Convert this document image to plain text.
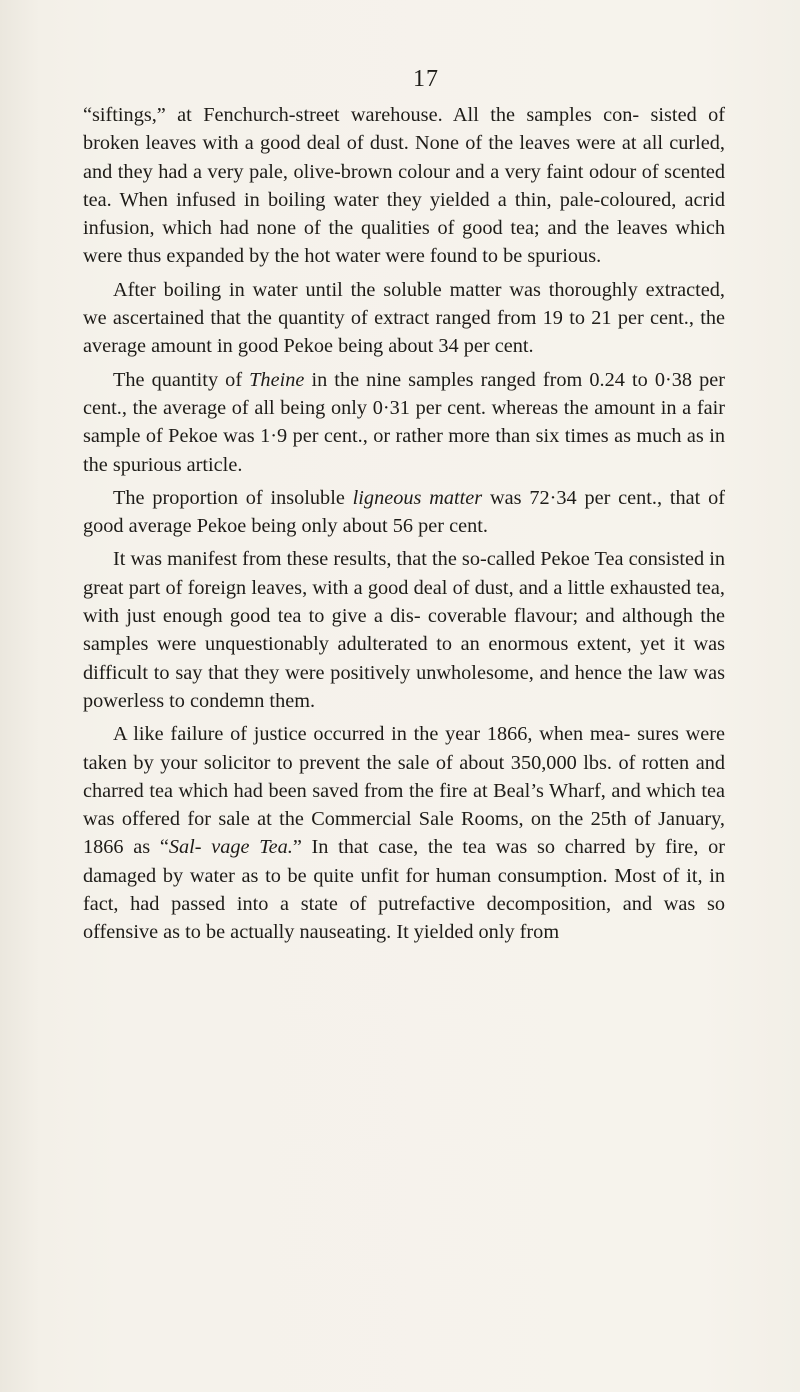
17

“siftings,” at Fenchurch-street warehouse. All the samples con- sisted of broken leaves with a good deal of dust. None of the leaves were at all curled, and they had a very pale, olive-brown colour and a very faint odour of scented tea. When infused in boiling water they yielded a thin, pale-coloured, acrid infusion, which had none of the qualities of good tea; and the leaves which were thus expanded by the hot water were found to be spurious.

After boiling in water until the soluble matter was thoroughly extracted, we ascertained that the quantity of extract ranged from 19 to 21 per cent., the average amount in good Pekoe being about 34 per cent.

The quantity of Theine in the nine samples ranged from 0.24 to 0·38 per cent., the average of all being only 0·31 per cent. whereas the amount in a fair sample of Pekoe was 1·9 per cent., or rather more than six times as much as in the spurious article.

The proportion of insoluble ligneous matter was 72·34 per cent., that of good average Pekoe being only about 56 per cent.

It was manifest from these results, that the so-called Pekoe Tea consisted in great part of foreign leaves, with a good deal of dust, and a little exhausted tea, with just enough good tea to give a dis- coverable flavour; and although the samples were unquestionably adulterated to an enormous extent, yet it was difficult to say that they were positively unwholesome, and hence the law was powerless to condemn them.

A like failure of justice occurred in the year 1866, when mea- sures were taken by your solicitor to prevent the sale of about 350,000 lbs. of rotten and charred tea which had been saved from the fire at Beal’s Wharf, and which tea was offered for sale at the Commercial Sale Rooms, on the 25th of January, 1866 as “Sal- vage Tea.” In that case, the tea was so charred by fire, or damaged by water as to be quite unfit for human consumption. Most of it, in fact, had passed into a state of putrefactive decomposition, and was so offensive as to be actually nauseating. It yielded only from
